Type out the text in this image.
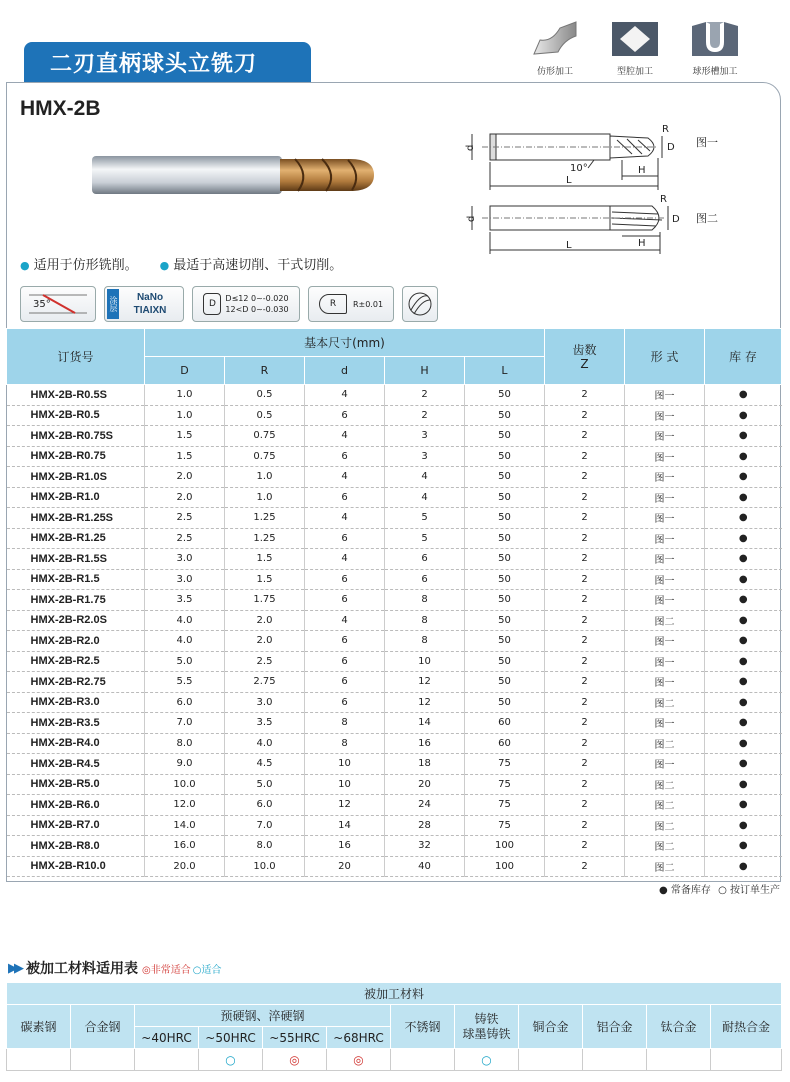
二刃直柄球头立铣刀	仿形加工	型腔加工	球形槽加工
HMX-2B
d
10°
L
H
R
D 图一
d
L	H
R
D 图二
● 适用于仿形铣削。	● 最适于高速切削、干式切削。
35°	涂层	NaNo
TIAIXN
D
D≤12 0~-0.020
12<D 0~-0.030
R	R±0.01
订货号	基本尺寸(mm)					齿数
Z	形 式	库 存
	D	R	d	H	L			
HMX-2B-R0.5S	1.0	0.5	4	2	50	2	图一	●
HMX-2B-R0.5	1.0	0.5	6	2	50	2	图一	●
HMX-2B-R0.75S	1.5	0.75	4	3	50	2	图一	●
HMX-2B-R0.75	1.5	0.75	6	3	50	2	图一	●
HMX-2B-R1.0S	2.0	1.0	4	4	50	2	图一	●
HMX-2B-R1.0	2.0	1.0	6	4	50	2	图一	●
HMX-2B-R1.25S	2.5	1.25	4	5	50	2	图一	●
HMX-2B-R1.25	2.5	1.25	6	5	50	2	图一	●
HMX-2B-R1.5S	3.0	1.5	4	6	50	2	图一	●
HMX-2B-R1.5	3.0	1.5	6	6	50	2	图一	●
HMX-2B-R1.75	3.5	1.75	6	8	50	2	图一	●
HMX-2B-R2.0S	4.0	2.0	4	8	50	2	图二	●
HMX-2B-R2.0	4.0	2.0	6	8	50	2	图一	●
HMX-2B-R2.5	5.0	2.5	6	10	50	2	图一	●
HMX-2B-R2.75	5.5	2.75	6	12	50	2	图一	●
HMX-2B-R3.0	6.0	3.0	6	12	50	2	图二	●
HMX-2B-R3.5	7.0	3.5	8	14	60	2	图一	●
HMX-2B-R4.0	8.0	4.0	8	16	60	2	图二	●
HMX-2B-R4.5	9.0	4.5	10	18	75	2	图一	●
HMX-2B-R5.0	10.0	5.0	10	20	75	2	图二	●
HMX-2B-R6.0	12.0	6.0	12	24	75	2	图二	●
HMX-2B-R7.0	14.0	7.0	14	28	75	2	图二	●
HMX-2B-R8.0	16.0	8.0	16	32	100	2	图二	●
HMX-2B-R10.0	20.0	10.0	20	40	100	2	图二	●
● 常备库存 ○ 按订单生产
▶▶ 被加工材料适用表 ◎非常适合 ○适合
被加工材料											
碳素钢	合金钢	预硬钢、淬硬钢				不锈钢	铸铁
球墨铸铁	铜合金	铝合金	钛合金	耐热合金
		~40HRC	~50HRC	~55HRC	~68HRC						
			○	◎	◎		○				
